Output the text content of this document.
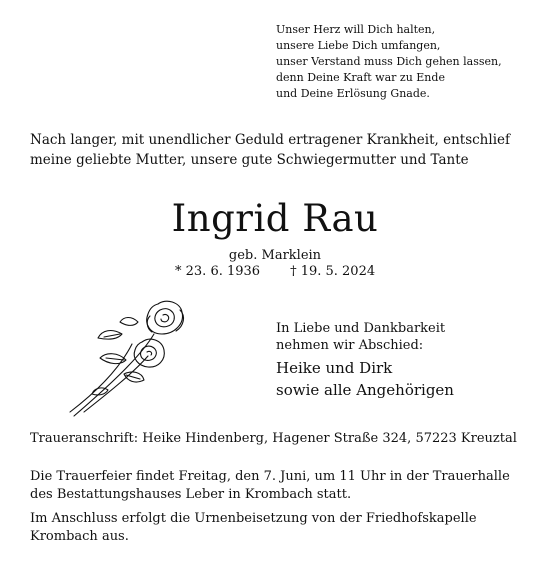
Unser Herz will Dich halten,
unsere Liebe Dich umfangen,
unser Verstand muss Dich gehen lassen,
denn Deine Kraft war zu Ende
und Deine Erlösung Gnade.
Nach langer, mit unendlicher Geduld ertragener Krankheit, entschlief
meine geliebte Mutter, unsere gute Schwiegermutter und Tante
Ingrid Rau
geb. Marklein
* 23. 6. 1936 † 19. 5. 2024
In Liebe und Dankbarkeit
nehmen wir Abschied:
Heike und Dirk
sowie alle Angehörigen
Traueranschrift: Heike Hindenberg, Hagener Straße 324, 57223 Kreuztal
Die Trauerfeier findet Freitag, den 7. Juni, um 11 Uhr in der Trauerhalle
des Bestattungshauses Leber in Krombach statt.
Im Anschluss erfolgt die Urnenbeisetzung von der Friedhofskapelle
Krombach aus.
